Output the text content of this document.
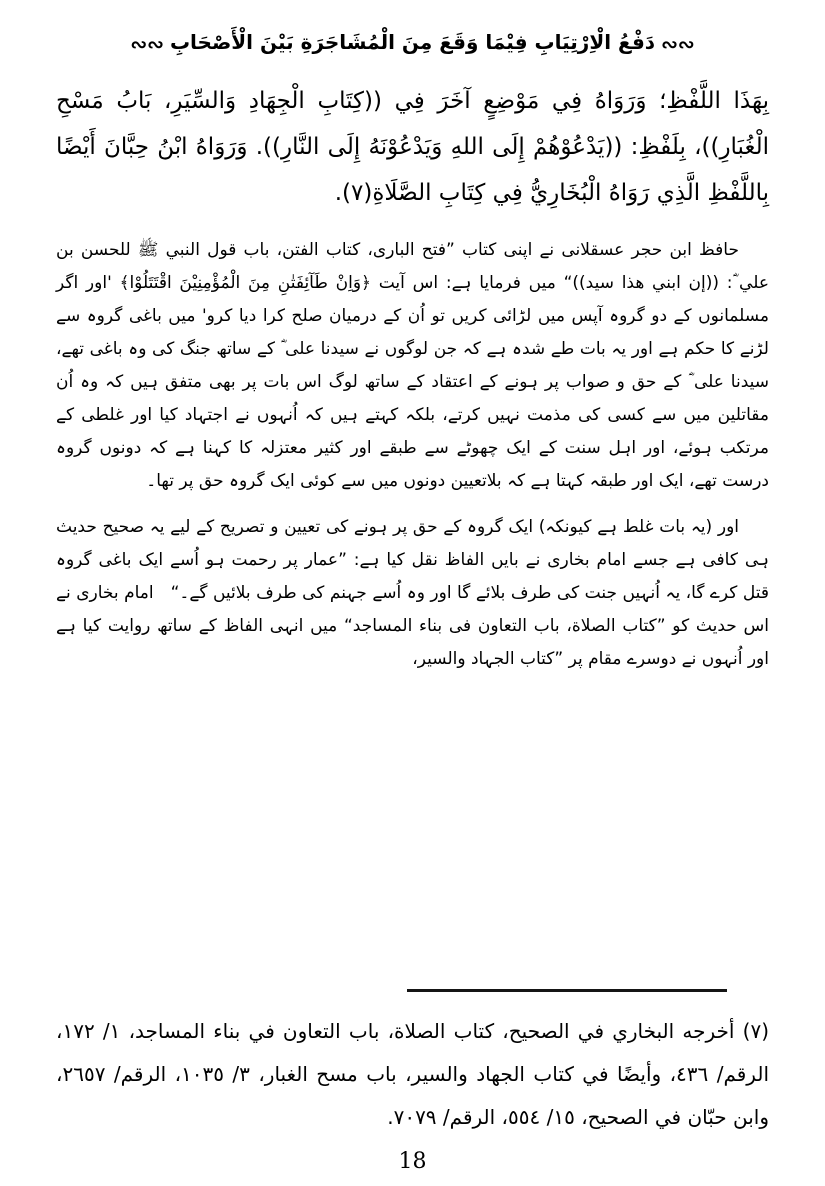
∾∾دَفْعُ الْاِرْتِيَابِ فِيْمَا وَقَعَ مِنَ الْمُشَاجَرَةِ بَيْنَ الْأَصْحَابِ∾∾

بِهَذَا اللَّفْظِ؛ وَرَوَاهُ فِي مَوْضِعٍ آخَرَ فِي ((كِتَابِ الْجِهَادِ وَالسِّيَرِ، بَابُ مَسْحِ الْغُبَارِ))، بِلَفْظِ: ((يَدْعُوْهُمْ إِلَى اللهِ وَيَدْعُوْنَهُ إِلَى النَّارِ)). وَرَوَاهُ ابْنُ حِبَّانَ أَيْضًا بِاللَّفْظِ الَّذِي رَوَاهُ الْبُخَارِيُّ فِي كِتَابِ الصَّلَاةِ(٧).

حافظ ابن حجر عسقلانی نے اپنی کتاب ”فتح الباری، کتاب الفتن، باب قول النبي ﷺ للحسن بن علي ؓ: ((إن ابني هذا سيد))“ میں فرمایا ہے: اس آیت ﴿وَاِنْ طَآئِفَتٰنِ مِنَ الْمُؤْمِنِيْنَ اقْتَتَلُوْا﴾ 'اور اگر مسلمانوں کے دو گروہ آپس میں لڑائی کریں تو اُن کے درمیان صلح کرا دیا کرو' میں باغی گروہ سے لڑنے کا حکم ہے اور یہ بات طے شدہ ہے کہ جن لوگوں نے سیدنا علی ؓ کے ساتھ جنگ کی وہ باغی تھے، سیدنا علی ؓ کے حق و صواب پر ہونے کے اعتقاد کے ساتھ لوگ اس بات پر بھی متفق ہیں کہ وہ اُن مقاتلین میں سے کسی کی مذمت نہیں کرتے، بلکہ کہتے ہیں کہ اُنہوں نے اجتہاد کیا اور غلطی کے مرتکب ہوئے، اور اہل سنت کے ایک چھوٹے سے طبقے اور کثیر معتزلہ کا کہنا ہے کہ دونوں گروہ درست تھے، ایک اور طبقہ کہتا ہے کہ بلاتعیین دونوں میں سے کوئی ایک گروہ حق پر تھا۔

اور (یہ بات غلط ہے کیونکہ) ایک گروہ کے حق پر ہونے کی تعیین و تصریح کے لیے یہ صحیح حدیث ہی کافی ہے جسے امام بخاری نے بایں الفاظ نقل کیا ہے: ”عمار پر رحمت ہو اُسے ایک باغی گروہ قتل کرے گا، یہ اُنہیں جنت کی طرف بلائے گا اور وہ اُسے جہنم کی طرف بلائیں گے۔“ امام بخاری نے اس حدیث کو ”کتاب الصلاة، باب التعاون فی بناء المساجد“ میں انہی الفاظ کے ساتھ روایت کیا ہے اور اُنہوں نے دوسرے مقام پر ”کتاب الجہاد والسیر،

(٧) أخرجه البخاري في الصحيح، كتاب الصلاة، باب التعاون في بناء المساجد، ١/ ١٧٢، الرقم/ ٤٣٦، وأيضًا في كتاب الجهاد والسير، باب مسح الغبار، ٣/ ١٠٣٥، الرقم/ ٢٦٥٧، وابن حبّان في الصحيح، ١٥/ ٥٥٤، الرقم/ ٧٠٧٩.

18
